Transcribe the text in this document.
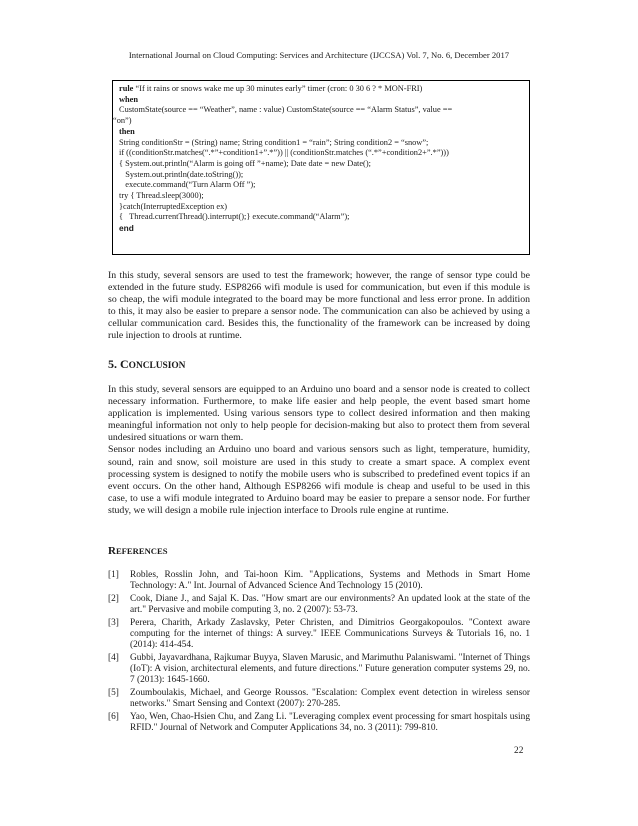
International Journal on Cloud Computing: Services and Architecture (IJCCSA) Vol. 7, No. 6, December 2017
rule “If it rains or snows wake me up 30 minutes early” timer (cron: 0 30 6 ? * MON-FRI)
when
CustomState(source == “Weather”, name : value) CustomState(source == “Alarm Status”, value ==
“on”)
then
String conditionStr = (String) name; String condition1 = “rain”; String condition2 = “snow”;
if ((conditionStr.matches(“.*”+condition1+”.*”)) || (conditionStr.matches (“.*”+condition2+”.*”)))
{ System.out.println(“Alarm is going off ”+name); Date date = new Date();
System.out.println(date.toString());
execute.command(“Turn Alarm Off ”);
try { Thread.sleep(3000);
}catch(InterruptedException ex)
{   Thread.currentThread().interrupt();} execute.command(“Alarm”);
end

In this study, several sensors are used to test the framework; however, the range of sensor type could be extended in the future study. ESP8266 wifi module is used for communication, but even if this module is so cheap, the wifi module integrated to the board may be more functional and less error prone. In addition to this, it may also be easier to prepare a sensor node. The communication can also be achieved by using a cellular communication card. Besides this, the functionality of the framework can be increased by doing rule injection to drools at runtime.

5. CONCLUSION

In this study, several sensors are equipped to an Arduino uno board and a sensor node is created to collect necessary information. Furthermore, to make life easier and help people, the event based smart home application is implemented. Using various sensors type to collect desired information and then making meaningful information not only to help people for decision-making but also to protect them from several undesired situations or warn them.

Sensor nodes including an Arduino uno board and various sensors such as light, temperature, humidity, sound, rain and snow, soil moisture are used in this study to create a smart space. A complex event processing system is designed to notify the mobile users who is subscribed to predefined event topics if an event occurs. On the other hand, Although ESP8266 wifi module is cheap and useful to be used in this case, to use a wifi module integrated to Arduino board may be easier to prepare a sensor node. For further study, we will design a mobile rule injection interface to Drools rule engine at runtime.

REFERENCES
[1] Robles, Rosslin John, and Tai-hoon Kim. "Applications, Systems and Methods in Smart Home Technology: A." Int. Journal of Advanced Science And Technology 15 (2010).
[2] Cook, Diane J., and Sajal K. Das. "How smart are our environments? An updated look at the state of the art." Pervasive and mobile computing 3, no. 2 (2007): 53-73.
[3] Perera, Charith, Arkady Zaslavsky, Peter Christen, and Dimitrios Georgakopoulos. "Context aware computing for the internet of things: A survey." IEEE Communications Surveys & Tutorials 16, no. 1 (2014): 414-454.
[4] Gubbi, Jayavardhana, Rajkumar Buyya, Slaven Marusic, and Marimuthu Palaniswami. "Internet of Things (IoT): A vision, architectural elements, and future directions." Future generation computer systems 29, no. 7 (2013): 1645-1660.
[5] Zoumboulakis, Michael, and George Roussos. "Escalation: Complex event detection in wireless sensor networks." Smart Sensing and Context (2007): 270-285.
[6] Yao, Wen, Chao-Hsien Chu, and Zang Li. "Leveraging complex event processing for smart hospitals using RFID." Journal of Network and Computer Applications 34, no. 3 (2011): 799-810.
22
